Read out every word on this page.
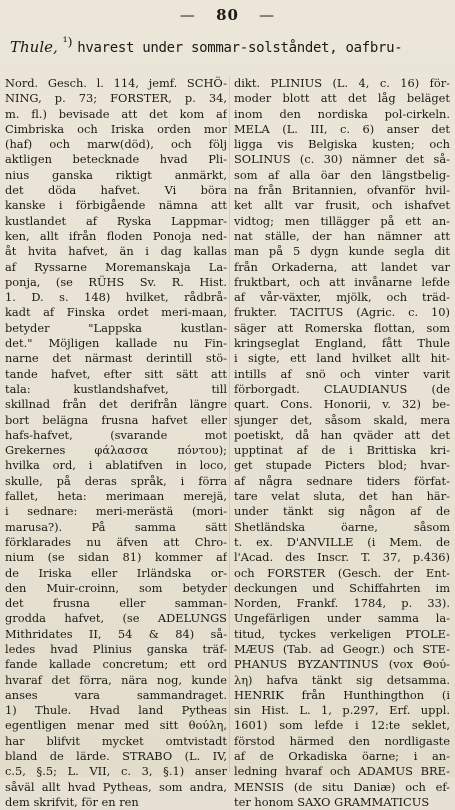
— 80 —
Thule, $^{^1)}$ hvarest under sommar-solståndet, oafbru-
Nord. Gesch. l. 114, jemf. SCHÖ-
NING, p. 73; FORSTER, p. 34,
m. fl.) bevisade att det kom af
Cimbriska och Iriska orden mor
(haf) och marw(död), och följ
aktligen betecknade hvad Pli-
nius ganska riktigt anmärkt,
det döda hafvet. Vi böra
kanske i förbigående nämna att
kustlandet af Ryska Lappmar-
ken, allt ifrån floden Ponoja ned-
åt hvita hafvet, än i dag kallas
af Ryssarne Moremanskaja La-
ponja, (se RÜHS Sv. R. Hist.
1. D. s. 148) hvilket, rådbrå-
kadt af Finska ordet meri-maan,
betyder "Lappska kustlan-
det." Möjligen kallade nu Fin-
narne det närmast derintill stö-
tande hafvet, efter sitt sätt att
tala: kustlandshafvet, till
skillnad från det derifrån längre
bort belägna frusna hafvet eller
hafs-hafvet, (svarande mot
Grekernes φάλασσα πόντου);
hvilka ord, i ablatifven in loco,
skulle, på deras språk, i förra
fallet, heta: merimaan merejä,
i sednare: meri-merästä (mori-
marusa?). På samma sätt
förklarades nu äfven att Chro-
nium (se sidan 81) kommer af
de Iriska eller Irländska or-
den Muir-croinn, som betyder
det frusna eller samman-
grodda hafvet, (se ADELUNGS
Mithridates II, 54 & 84) så-
ledes hvad Plinius ganska träf-
fande kallade concretum; ett ord
hvaraf det förra, nära nog, kunde
anses vara sammandraget.
1) Thule. Hvad land Pytheas
egentligen menar med sitt θούλη,
har blifvit mycket omtvistadt
bland de lärde. STRABO (L. IV,
c.5, §.5; L. VII, c. 3, §.1) anser
såväl allt hvad Pytheas, som andra,
dem skrifvit, för en ren
dikt. PLINIUS (L. 4, c. 16) för-
moder blott att det låg beläget
inom den nordiska pol-cirkeln.
MELA (L. III, c. 6) anser det
ligga vis Belgiska kusten; och
SOLINUS (c. 30) nämner det så-
som af alla öar den längstbelig-
na från Britannien, ofvanför hvil-
ket allt var frusit, och ishafvet
vidtog; men tillägger på ett an-
nat ställe, der han nämner att
man på 5 dygn kunde segla dit
från Orkaderna, att landet var
fruktbart, och att invånarne lefde
af vår-växter, mjölk, och träd-
frukter. TACITUS (Agric. c. 10)
säger att Romerska flottan, som
kringseglat England, fått Thule
i sigte, ett land hvilket allt hit-
intills af snö och vinter varit
förborgadt. CLAUDIANUS (de
quart. Cons. Honorii, v. 32) be-
sjunger det, såsom skald, mera
poetiskt, då han qväder att det
upptinat af de i Brittiska kri-
get stupade Picters blod; hvar-
af några sednare tiders förfat-
tare velat sluta, det han här-
under tänkt sig någon af de
Shetländska öarne, såsom
t. ex. D'ANVILLE (i Mem. de
l'Acad. des Inscr. T. 37, p.436)
och FORSTER (Gesch. der Ent-
deckungen und Schiffahrten im
Norden, Frankf. 1784, p. 33).
Ungefärligen under samma la-
titud, tyckes verkeligen PTOLE-
MÆUS (Tab. ad Geogr.) och STE-
PHANUS BYZANTINUS (vox Θού-
λη) hafva tänkt sig detsamma.
HENRIK från Hunthingthon (i
sin Hist. L. 1, p.297, Erf. uppl.
1601) som lefde i 12:te seklet,
förstod härmed den nordligaste
af de Orkadiska öarne; i an-
ledning hvaraf och ADAMUS BRE-
MENSIS (de situ Daniæ) och ef-
ter honom SAXO GRAMMATICUS
